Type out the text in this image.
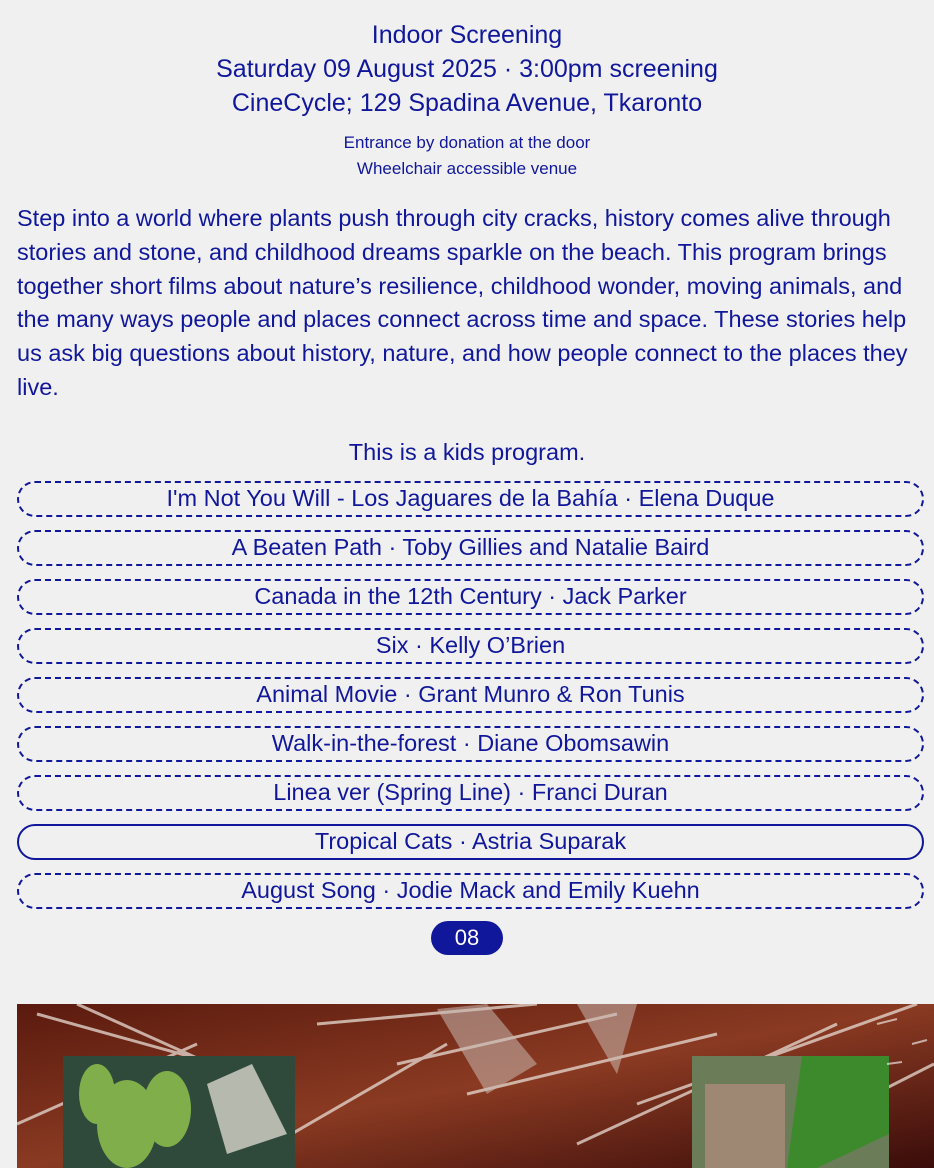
Indoor Screening
Saturday 09 August 2025 · 3:00pm screening
CineCycle; 129 Spadina Avenue, Tkaronto
Entrance by donation at the door
Wheelchair accessible venue

Step into a world where plants push through city cracks, history comes alive through stories and stone, and childhood dreams sparkle on the beach. This program brings together short films about nature’s resilience, childhood wonder, moving animals, and the many ways people and places connect across time and space. These stories help us ask big questions about history, nature, and how people connect to the places they live.

This is a kids program.
I'm Not You Will - Los Jaguares de la Bahía · Elena Duque
A Beaten Path · Toby Gillies and Natalie Baird
Canada in the 12th Century · Jack Parker
Six · Kelly O’Brien
Animal Movie · Grant Munro & Ron Tunis
Walk-in-the-forest · Diane Obomsawin
Linea ver (Spring Line) · Franci Duran
Tropical Cats · Astria Suparak
August Song · Jodie Mack and Emily Kuehn
08
